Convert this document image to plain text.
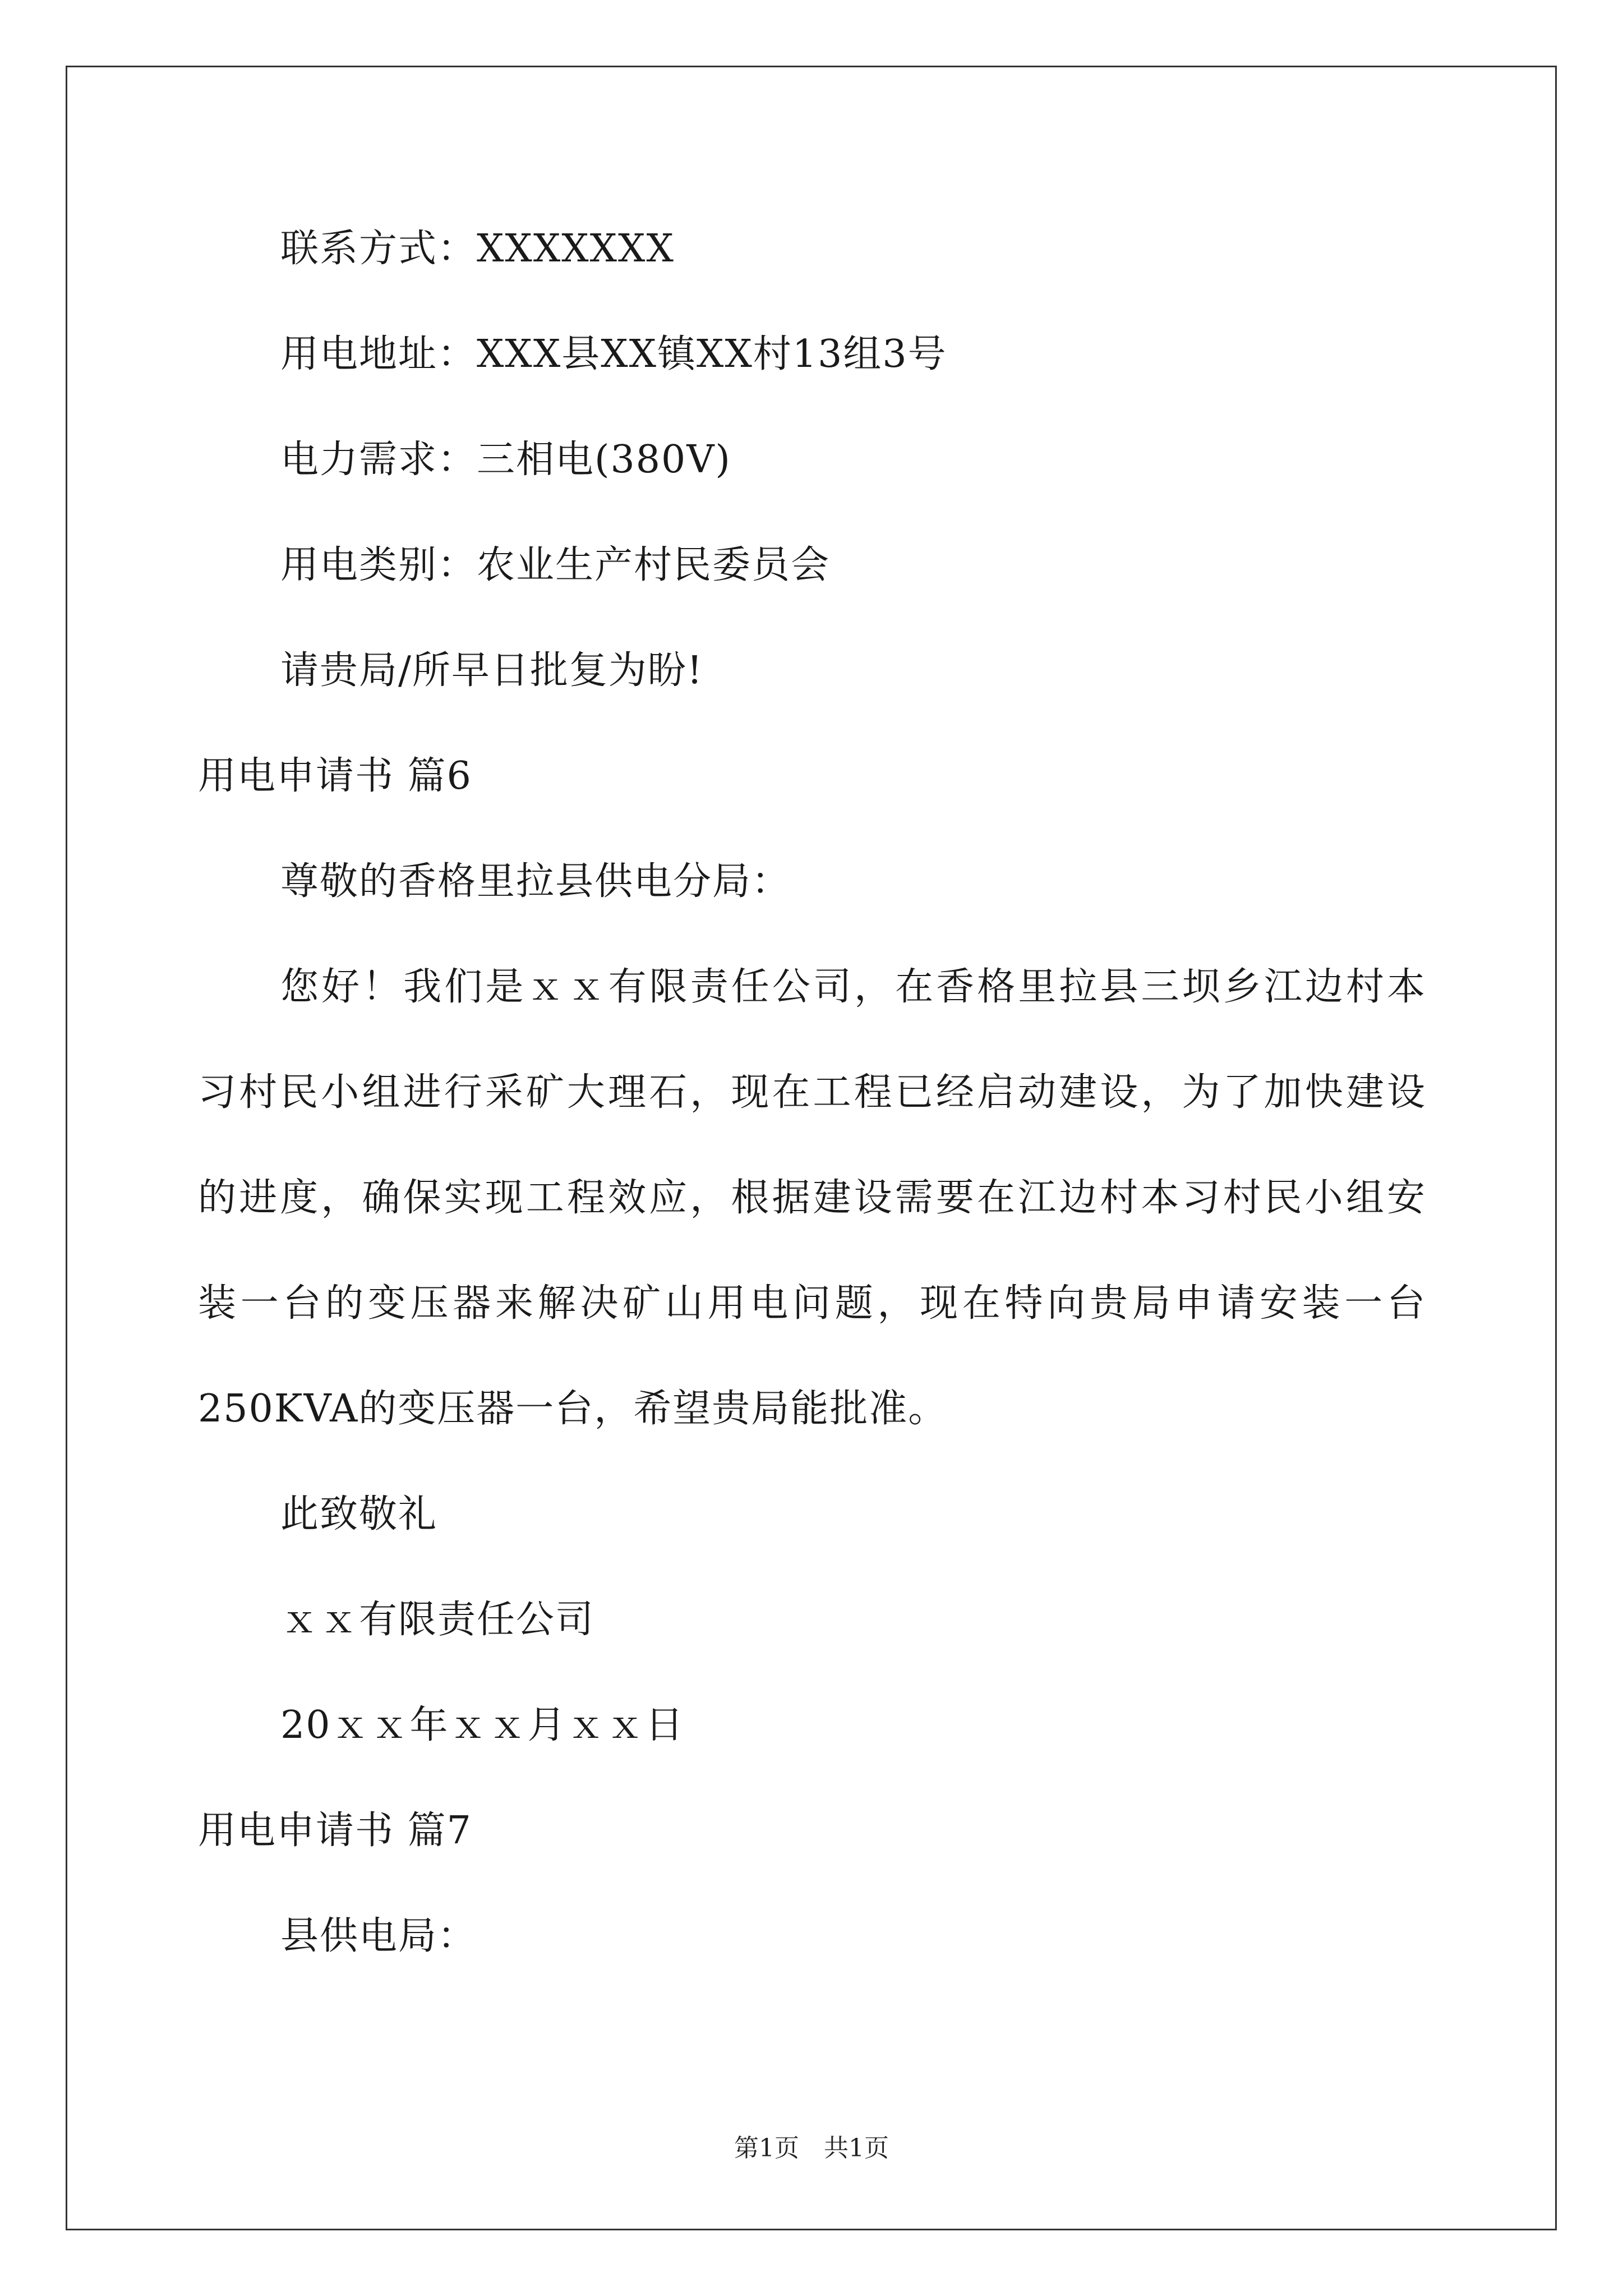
联系方式：XXXXXXX
用电地址：XXX县XX镇XX村13组3号
电力需求：三相电(380V)
用电类别：农业生产村民委员会
请贵局/所早日批复为盼!
用电申请书 篇6
尊敬的香格里拉县供电分局：
您好！我们是ｘｘ有限责任公司，在香格里拉县三坝乡江边村本
习村民小组进行采矿大理石，现在工程已经启动建设，为了加快建设
的进度，确保实现工程效应，根据建设需要在江边村本习村民小组安
装一台的变压器来解决矿山用电问题，现在特向贵局申请安装一台
250KVA的变压器一台，希望贵局能批准。
此致敬礼
ｘｘ有限责任公司
20ｘｘ年ｘｘ月ｘｘ日
用电申请书 篇7
县供电局：
第1页　共1页
